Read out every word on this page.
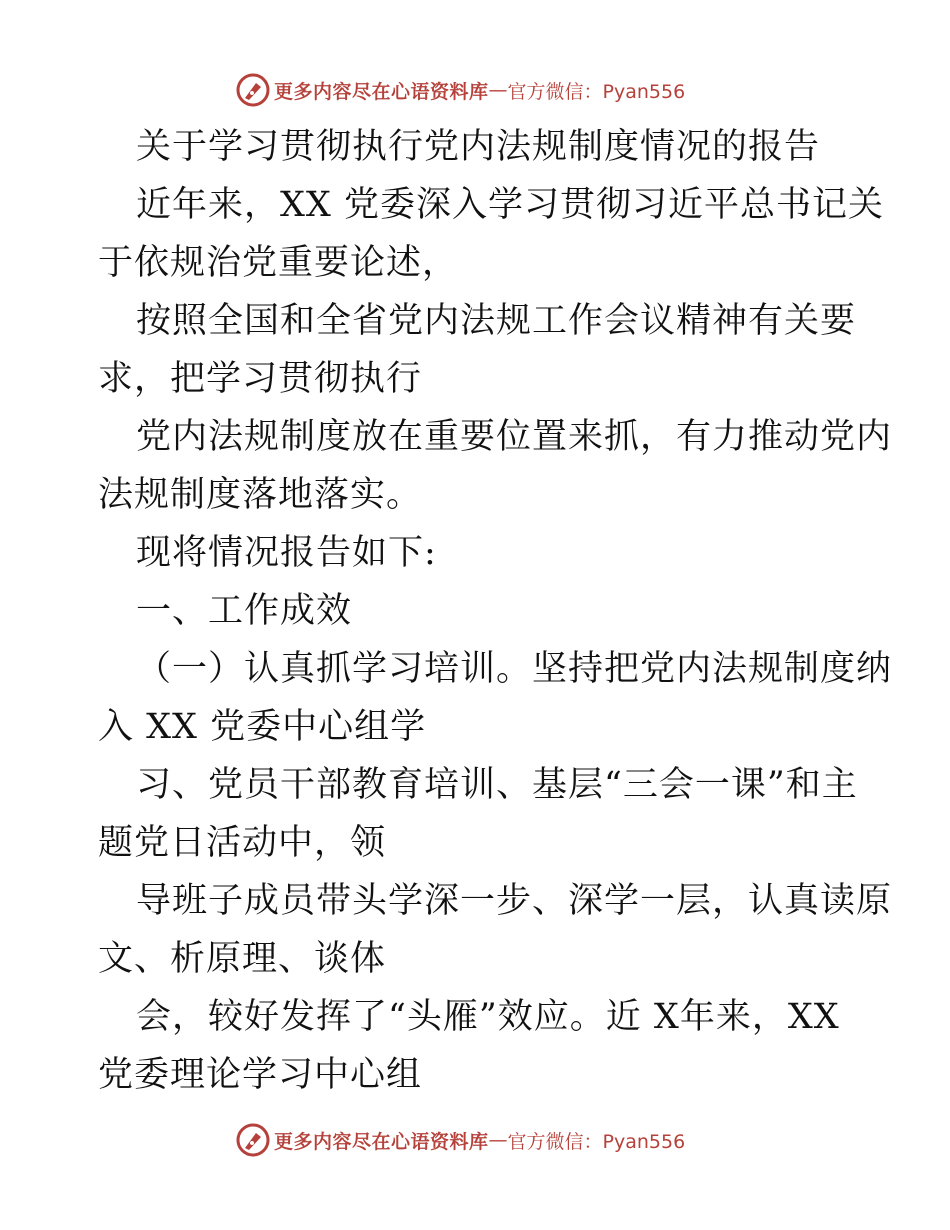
更多内容尽在心语资料库 — 官方微信：Pyan556
关于学习贯彻执行党内法规制度情况的报告
近年来，XX 党委深入学习贯彻习近平总书记关
于依规治党重要论述，
按照全国和全省党内法规工作会议精神有关要
求，把学习贯彻执行
党内法规制度放在重要位置来抓，有力推动党内
法规制度落地落实。
现将情况报告如下:
一、工作成效
（一）认真抓学习培训。坚持把党内法规制度纳
入 XX 党委中心组学
习、党员干部教育培训、基层“三会一课”和主
题党日活动中，领
导班子成员带头学深一步、深学一层，认真读原
文、析原理、谈体
会，较好发挥了“头雁”效应。近 X年来，XX
党委理论学习中心组
更多内容尽在心语资料库 — 官方微信：Pyan556
